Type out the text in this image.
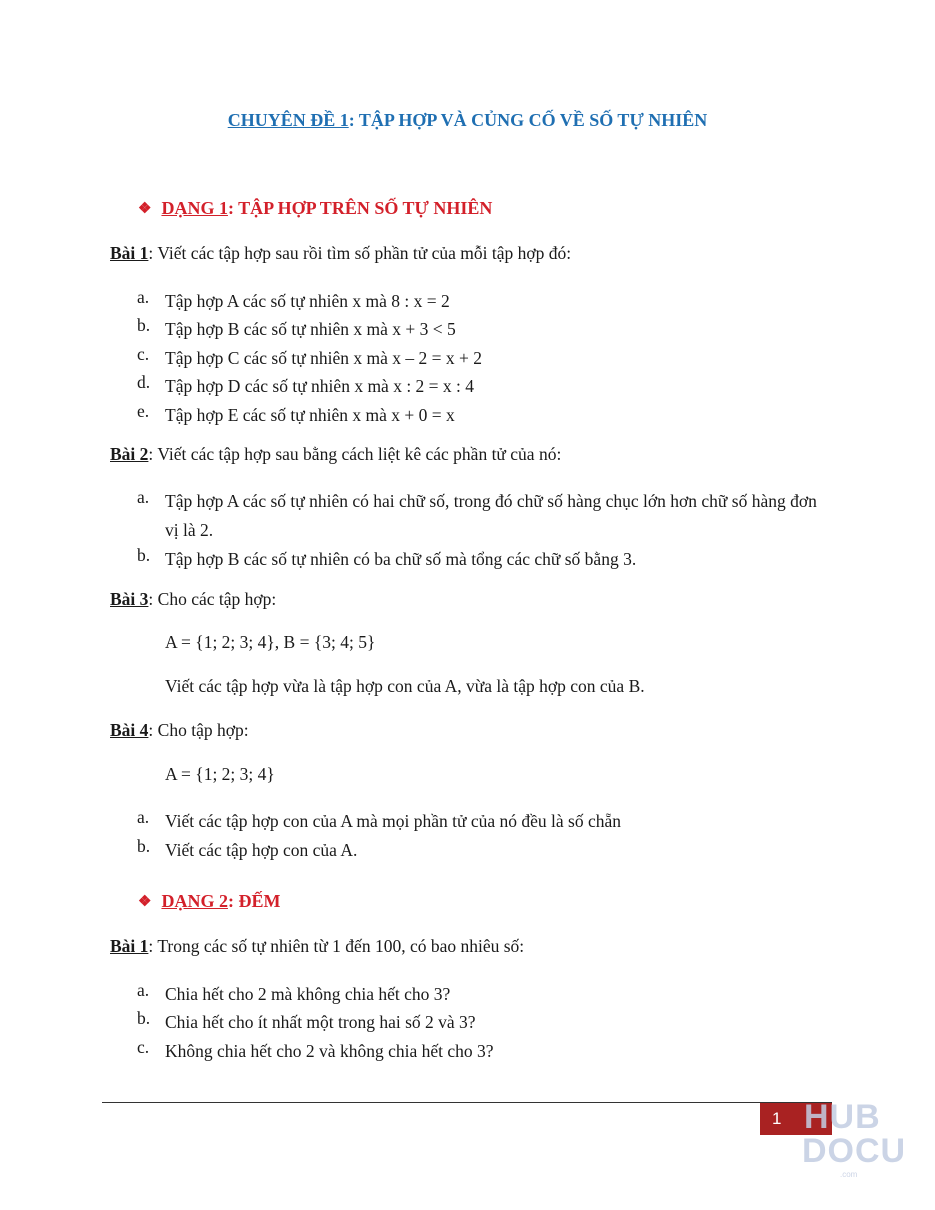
CHUYÊN ĐỀ 1: TẬP HỢP VÀ CỦNG CỐ VỀ SỐ TỰ NHIÊN
❖ DẠNG 1 : TẬP HỢP TRÊN SỐ TỰ NHIÊN
Bài 1: Viết các tập hợp sau rồi tìm số phần tử của mỗi tập hợp đó:
a. Tập hợp A các số tự nhiên x mà 8 : x = 2
b. Tập hợp B các số tự nhiên x mà x + 3 < 5
c. Tập hợp C các số tự nhiên x mà x – 2 = x + 2
d. Tập hợp D các số tự nhiên x mà x : 2 = x : 4
e. Tập hợp E các số tự nhiên x mà x + 0 = x
Bài 2: Viết các tập hợp sau bằng cách liệt kê các phần tử của nó:
a. Tập hợp A các số tự nhiên có hai chữ số, trong đó chữ số hàng chục lớn hơn chữ số hàng đơn vị là 2.
b. Tập hợp B các số tự nhiên có ba chữ số mà tổng các chữ số bằng 3.
Bài 3: Cho các tập hợp:
A = {1; 2; 3; 4}, B = {3; 4; 5}
Viết các tập hợp vừa là tập hợp con của A, vừa là tập hợp con của B.
Bài 4: Cho tập hợp:
A = {1; 2; 3; 4}
a. Viết các tập hợp con của A mà mọi phần tử của nó đều là số chẵn
b. Viết các tập hợp con của A.
❖ DẠNG 2 : ĐẾM
Bài 1: Trong các số tự nhiên từ 1 đến 100, có bao nhiêu số:
a. Chia hết cho 2 mà không chia hết cho 3?
b. Chia hết cho ít nhất một trong hai số 2 và 3?
c. Không chia hết cho 2 và không chia hết cho 3?
1 HUB
DOCU
.com
